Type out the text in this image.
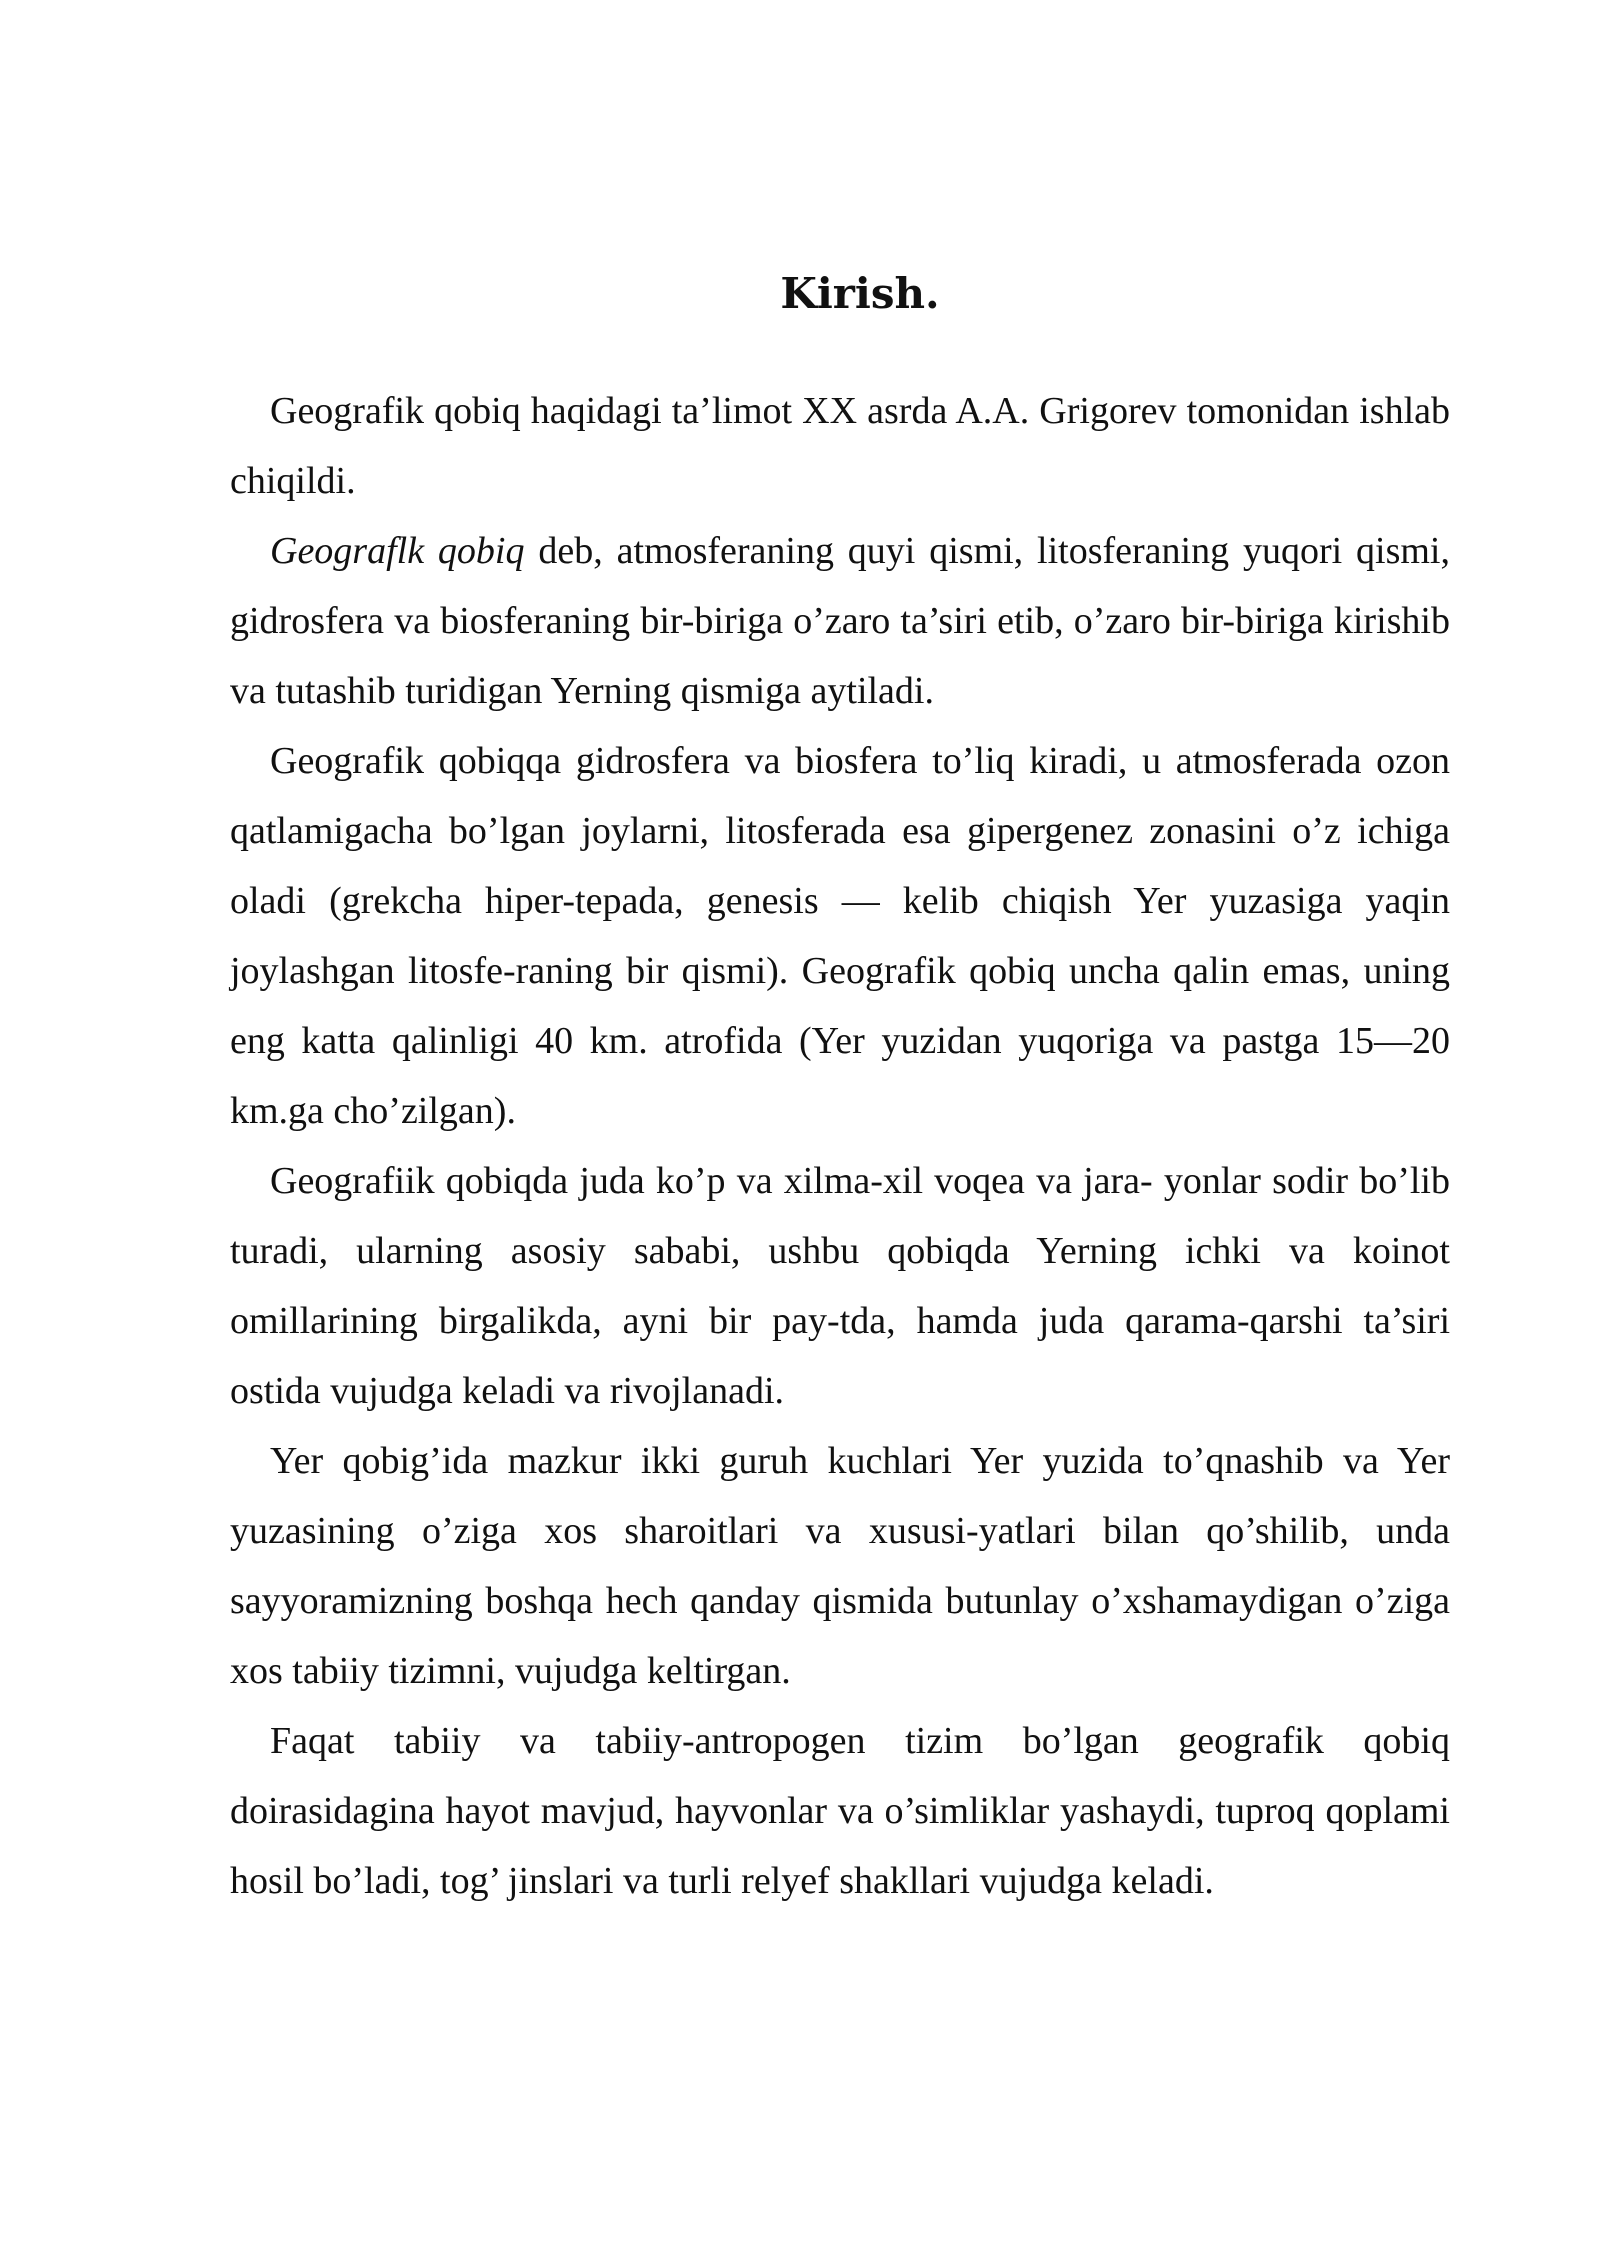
Kirish.

Geografik qobiq haqidagi ta’limot XX asrda A.A. Grigorev tomonidan ishlab chiqildi.

Geograflk qobiq deb, atmosferaning quyi qismi, litosferaning yuqori qismi, gidrosfera va biosferaning bir-biriga o’zaro ta’siri etib, o’zaro bir-biriga kirishib va tutashib turidigan Yerning qismiga aytiladi.

Geografik qobiqqa gidrosfera va biosfera to’liq kiradi, u atmosferada ozon qatlamigacha bo’lgan joylarni, litosferada esa gipergenez zonasini o’z ichiga oladi (grekcha hiper-tepada, genesis — kelib chiqish Yer yuzasiga yaqin joylashgan litosfe-raning bir qismi). Geografik qobiq uncha qalin emas, uning eng katta qalinligi 40 km. atrofida (Yer yuzidan yuqoriga va pastga 15—20 km.ga cho’zilgan).

Geografiik qobiqda juda ko’p va xilma-xil voqea va jara- yonlar sodir bo’lib turadi, ularning asosiy sababi, ushbu qobiqda Yerning ichki va koinot omillarining birgalikda, ayni bir pay-tda, hamda juda qarama-qarshi ta’siri ostida vujudga keladi va rivojlanadi.

Yer qobig’ida mazkur ikki guruh kuchlari Yer yuzida to’qnashib va Yer yuzasining o’ziga xos sharoitlari va xususi-yatlari bilan qo’shilib, unda sayyoramizning boshqa hech qanday qismida butunlay o’xshamaydigan o’ziga xos tabiiy tizimni, vujudga keltirgan.

Faqat tabiiy va tabiiy-antropogen tizim bo’lgan geografik qobiq doirasidagina hayot mavjud, hayvonlar va o’simliklar yashaydi, tuproq qoplami hosil bo’ladi, tog’ jinslari va turli relyef shakllari vujudga keladi.
